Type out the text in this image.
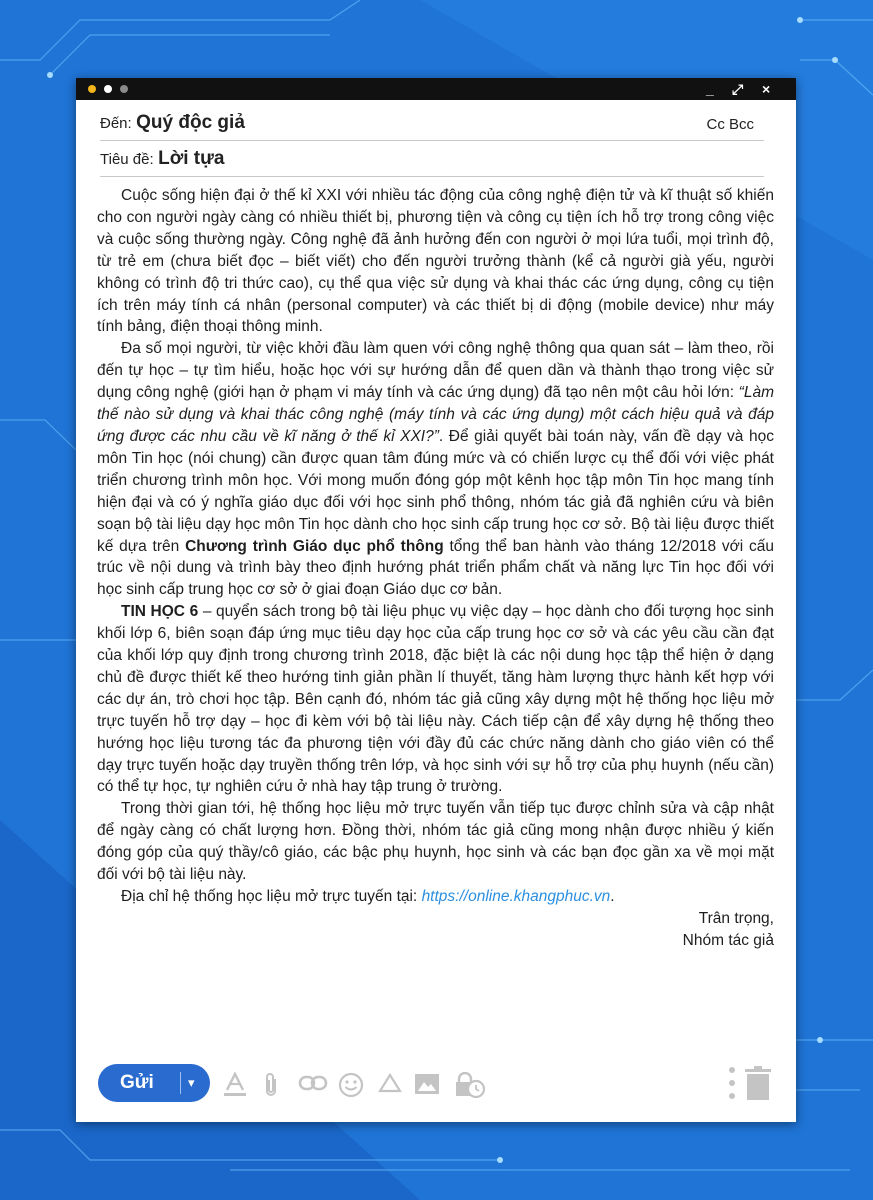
_ ⤢ ×
Đến: Quý độc giả	Cc Bcc
Tiêu đề: Lời tựa

Cuộc sống hiện đại ở thế kỉ XXI với nhiều tác động của công nghệ điện tử và kĩ thuật số khiến cho con người ngày càng có nhiều thiết bị, phương tiện và công cụ tiện ích hỗ trợ trong công việc và cuộc sống thường ngày. Công nghệ đã ảnh hưởng đến con người ở mọi lứa tuổi, mọi trình độ, từ trẻ em (chưa biết đọc – biết viết) cho đến người trưởng thành (kể cả người già yếu, người không có trình độ tri thức cao), cụ thể qua việc sử dụng và khai thác các ứng dụng, công cụ tiện ích trên máy tính cá nhân (personal computer) và các thiết bị di động (mobile device) như máy tính bảng, điện thoại thông minh.

Đa số mọi người, từ việc khởi đầu làm quen với công nghệ thông qua quan sát – làm theo, rồi đến tự học – tự tìm hiểu, hoặc học với sự hướng dẫn để quen dần và thành thạo trong việc sử dụng công nghệ (giới hạn ở phạm vi máy tính và các ứng dụng) đã tạo nên một câu hỏi lớn: “Làm thế nào sử dụng và khai thác công nghệ (máy tính và các ứng dụng) một cách hiệu quả và đáp ứng được các nhu cầu về kĩ năng ở thế kỉ XXI?”. Để giải quyết bài toán này, vấn đề dạy và học môn Tin học (nói chung) cần được quan tâm đúng mức và có chiến lược cụ thể đối với việc phát triển chương trình môn học. Với mong muốn đóng góp một kênh học tập môn Tin học mang tính hiện đại và có ý nghĩa giáo dục đối với học sinh phổ thông, nhóm tác giả đã nghiên cứu và biên soạn bộ tài liệu dạy học môn Tin học dành cho học sinh cấp trung học cơ sở. Bộ tài liệu được thiết kế dựa trên Chương trình Giáo dục phổ thông tổng thể ban hành vào tháng 12/2018 với cấu trúc về nội dung và trình bày theo định hướng phát triển phẩm chất và năng lực Tin học đối với học sinh cấp trung học cơ sở ở giai đoạn Giáo dục cơ bản.

TIN HỌC 6 – quyển sách trong bộ tài liệu phục vụ việc dạy – học dành cho đối tượng học sinh khối lớp 6, biên soạn đáp ứng mục tiêu dạy học của cấp trung học cơ sở và các yêu cầu cần đạt của khối lớp quy định trong chương trình 2018, đặc biệt là các nội dung học tập thể hiện ở dạng chủ đề được thiết kế theo hướng tinh giản phần lí thuyết, tăng hàm lượng thực hành kết hợp với các dự án, trò chơi học tập. Bên cạnh đó, nhóm tác giả cũng xây dựng một hệ thống học liệu mở trực tuyến hỗ trợ dạy – học đi kèm với bộ tài liệu này. Cách tiếp cận để xây dựng hệ thống theo hướng học liệu tương tác đa phương tiện với đầy đủ các chức năng dành cho giáo viên có thể dạy trực tuyến hoặc dạy truyền thống trên lớp, và học sinh với sự hỗ trợ của phụ huynh (nếu cần) có thể tự học, tự nghiên cứu ở nhà hay tập trung ở trường.

Trong thời gian tới, hệ thống học liệu mở trực tuyến vẫn tiếp tục được chỉnh sửa và cập nhật để ngày càng có chất lượng hơn. Đồng thời, nhóm tác giả cũng mong nhận được nhiều ý kiến đóng góp của quý thầy/cô giáo, các bậc phụ huynh, học sinh và các bạn đọc gần xa về mọi mặt đối với bộ tài liệu này.

Địa chỉ hệ thống học liệu mở trực tuyến tại: https://online.khangphuc.vn.

Trân trọng,

Nhóm tác giả

Gửi	▾
